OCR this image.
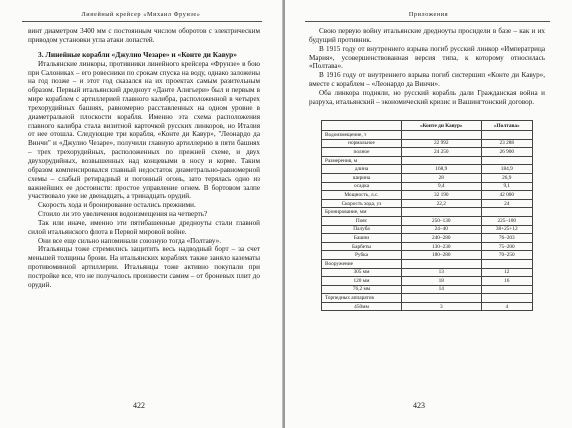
Линейный крейсер «Михаил Фрунзе»

винт диаметром 3400 мм с постоянным числом оборотов с электрическим приводом установки угла атаки лопастей.

3. Линейные корабли «Джулио Чезаре» и «Конте ди Кавур»

Итальянские линкоры, противники линейного крейсера «Фрунзе» в бою при Салониках – его ровесники по срокам спуска на воду, однако заложены на год позже – и этот год сказался на их проектах самым разительным образом. Первый итальянский дредноут «Данте Алигьери» был и первым в мире кораблем с артиллерией главного калибра, расположенной в четырех трехорудийных башнях, равномерно расставленных на одном уровне в диаметральной плоскости корабля. Именно эта схема расположения главного калибра стала визитной карточкой русских линкоров, но Италия от нее отошла. Следующие три корабля, «Конте ди Кавур», "Леонардо да Винчи" и «Джулио Чезаре», получили главную артиллерию в пяти башнях – трех трехорудийных, расположенных по прежней схеме, и двух двухорудийных, возвышенных над концевыми в носу и корме. Таким образом компенсировался главный недостаток диаметрально-равномерной схемы – слабый ретирадный и погонный огонь, зато терялась одно из важнейших ее достоинств: простое управление огнем. В бортовом залпе участвовало уже не двенадцать, а тринадцать орудий.

Скорость хода и бронирование остались прежними.

Стоило ли это увеличения водоизмещения на четверть?

Так или иначе, именно эти пятибашенные дредноуты стали главной силой итальянского флота в Первой мировой войне.

Они все еще сильно напоминали союзную тогда «Полтаву».

Итальянцы тоже стремились защитить весь надводный борт – за счет меньшей толщины брони. На итальянских кораблях также заняло казематы противоминной артиллерии. Итальянцы тоже активно покупали при постройке все, что не получалось произвести самим – от броневых плит до орудий.

422
Приложения

Свою первую войну итальянские дредноуты просидели в базе – как и их будущий противник.

В 1915 году от внутреннего взрыва погиб русский линкор «Императрица Мария», усовершенствованная версия типа, к которому относилась «Полтава».

В 1916 году от внутреннего взрыва погиб систершип «Конте ди Кавур», вместе с кораблем – «Леонардо да Винчи».

Оба линкора подняли, но русский корабль дали Гражданская война и разруха, итальянский – экономический кризис и Вашингтонский договор.

	«Конте ди Кавур»	«Полтава»
Водоизмещение, т		
нормальное	22 992	23 288
полное	24 250	26 900
Размерения, м		
длина	168,9	184,9
ширина	28	26,9
осадка	9,4	9,1
Мощность, л.с.	32 190	42 000
Скорость хода, уз	22,2	24
Бронирование, мм		
Пояс	250–130	225–100
Палуба	24–40	38+25+12
Башни	240–280	76–203
Барбеты	130–230	75–200
Рубка	180–280	70–250
Вооружение		
305 мм	13	12
120 мм	18	16
76,2 мм	14	
Торпедных аппаратов		
450мм	3	4
423
